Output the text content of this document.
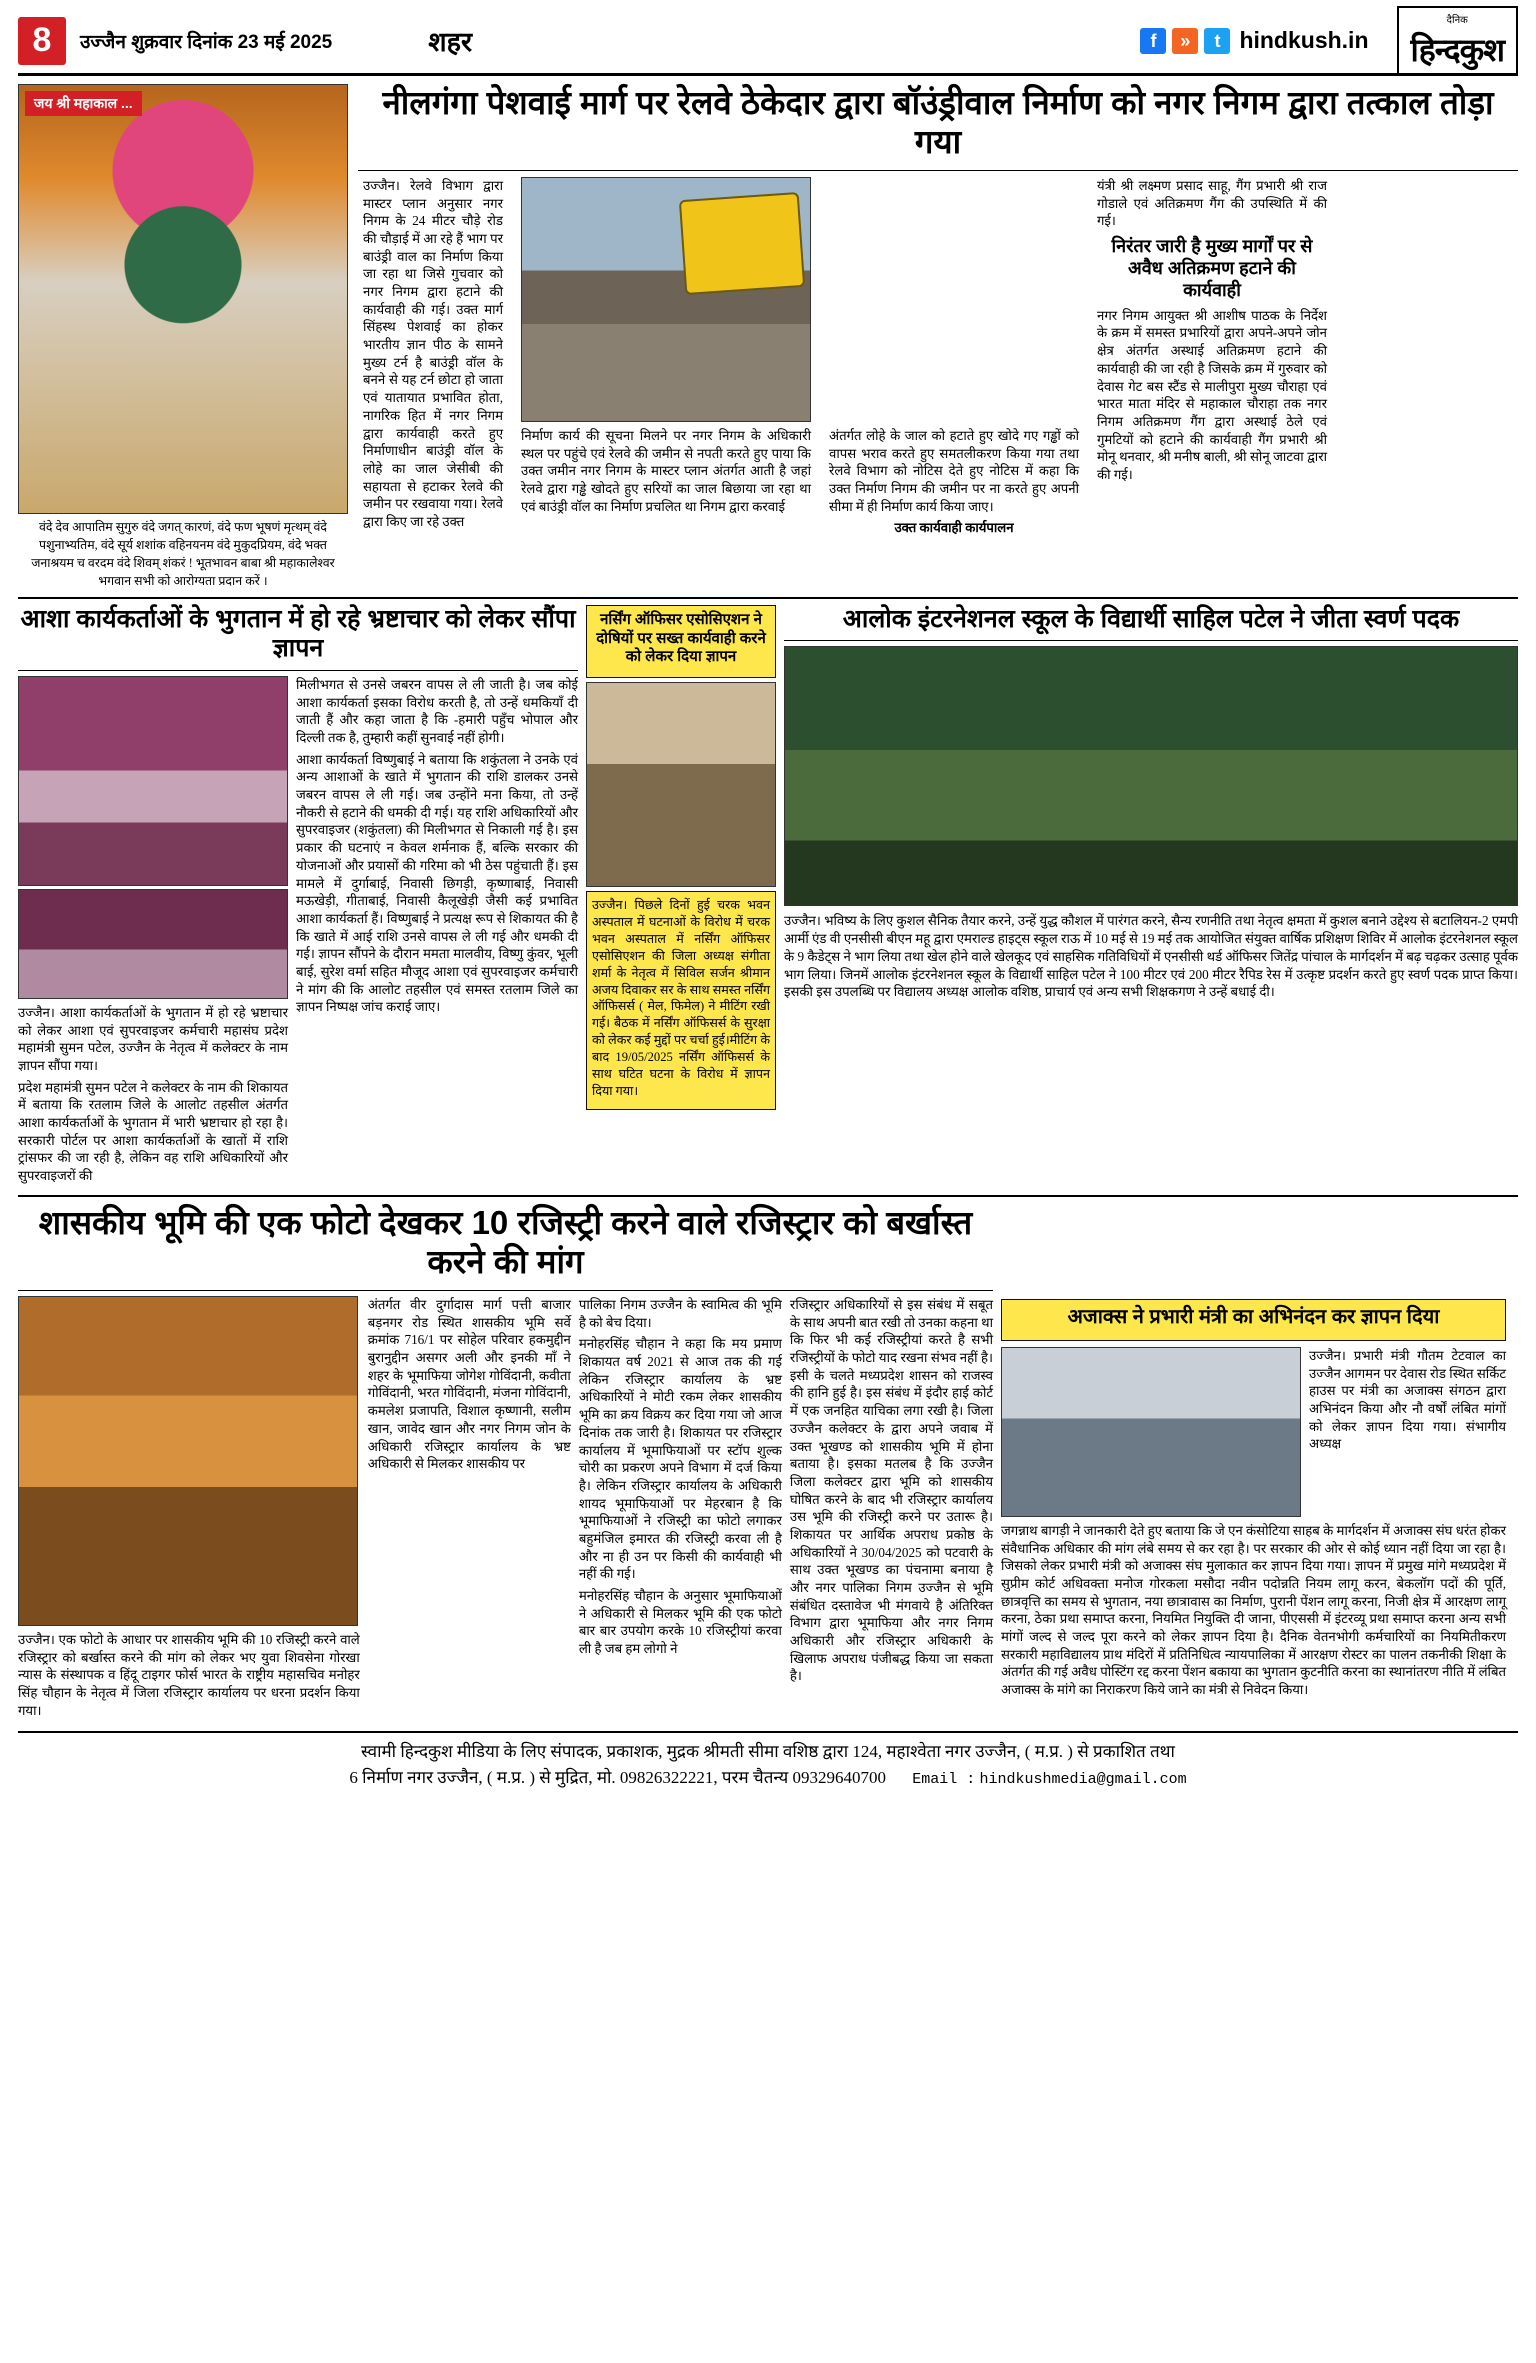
8	उज्जैन शुक्रवार दिनांक 23 मई 2025	शहर	f	»	t hindkush.in
दैनिक
हिन्दकुश
जय श्री महाकाल ...
वंदे देव आपातिम सुगुरु वंदे जगत् कारणं, वंदे फण भूषणं मृत्थम् वंदे पशुनाभ्यतिम, वंदे सूर्य शशांक वहिनयनम वंदे मुकुदप्रियम, वंदे भक्त जनाश्रयम च वरदम वंदे शिवम् शंकरं ! भूतभावन बाबा श्री महाकालेश्वर भगवान सभी को आरोग्यता प्रदान करें ।
नीलगंगा पेशवाई मार्ग पर रेलवे ठेकेदार द्वारा बॉउंड्रीवाल निर्माण को नगर निगम द्वारा तत्काल तोड़ा गया

उज्जैन। रेलवे विभाग द्वारा मास्टर प्लान अनुसार नगर निगम के 24 मीटर चौड़े रोड की चौड़ाई में आ रहे हैं भाग पर बाउंड्री वाल का निर्माण किया जा रहा था जिसे गुचवार को नगर निगम द्वारा हटाने की कार्यवाही की गई। उक्त मार्ग सिंहस्थ पेशवाई का होकर भारतीय ज्ञान पीठ के सामने मुख्य टर्न है बाउंड्री वॉल के बनने से यह टर्न छोटा हो जाता एवं यातायात प्रभावित होता, नागरिक हित में नगर निगम द्वारा कार्यवाही करते हुए निर्माणाधीन बाउंड्री वॉल के लोहे का जाल जेसीबी की सहायता से हटाकर रेलवे की जमीन पर रखवाया गया। रेलवे द्वारा किए जा रहे उक्त

निर्माण कार्य की सूचना मिलने पर नगर निगम के अधिकारी स्थल पर पहुंचे एवं रेलवे की जमीन से नपती करते हुए पाया कि उक्त जमीन नगर निगम के मास्टर प्लान अंतर्गत आती है जहां रेलवे द्वारा गड्ढे खोदते हुए सरियों का जाल बिछाया जा रहा था एवं बाउंड्री वॉल का निर्माण प्रचलित था निगम द्वारा करवाई

अंतर्गत लोहे के जाल को हटाते हुए खोदे गए गड्ढों को वापस भराव करते हुए समतलीकरण किया गया तथा रेलवे विभाग को नोटिस देते हुए नोटिस में कहा कि उक्त निर्माण निगम की जमीन पर ना करते हुए अपनी सीमा में ही निर्माण कार्य किया जाए।

उक्त कार्यवाही कार्यपालन

यंत्री श्री लक्ष्मण प्रसाद साहू, गैंग प्रभारी श्री राज गोडाले एवं अतिक्रमण गैंग की उपस्थिति में की गई।

निरंतर जारी है मुख्य मार्गों पर से अवैध अतिक्रमण हटाने की कार्यवाही

नगर निगम आयुक्त श्री आशीष पाठक के निर्देश के क्रम में समस्त प्रभारियों द्वारा अपने-अपने जोन क्षेत्र अंतर्गत अस्थाई अतिक्रमण हटाने की कार्यवाही की जा रही है जिसके क्रम में गुरुवार को देवास गेट बस स्टैंड से मालीपुरा मुख्य चौराहा एवं भारत माता मंदिर से महाकाल चौराहा तक नगर निगम अतिक्रमण गैंग द्वारा अस्थाई ठेले एवं गुमटियों को हटाने की कार्यवाही गैंग प्रभारी श्री मोनू थनवार, श्री मनीष बाली, श्री सोनू जाटवा द्वारा की गई।

आशा कार्यकर्ताओं के भुगतान में हो रहे भ्रष्टाचार को लेकर सौंपा ज्ञापन

उज्जैन। आशा कार्यकर्ताओं के भुगतान में हो रहे भ्रष्टाचार को लेकर आशा एवं सुपरवाइजर कर्मचारी महासंघ प्रदेश महामंत्री सुमन पटेल, उज्जैन के नेतृत्व में कलेक्टर के नाम ज्ञापन सौंपा गया।

प्रदेश महामंत्री सुमन पटेल ने कलेक्टर के नाम की शिकायत में बताया कि रतलाम जिले के आलोट तहसील अंतर्गत आशा कार्यकर्ताओं के भुगतान में भारी भ्रष्टाचार हो रहा है। सरकारी पोर्टल पर आशा कार्यकर्ताओं के खातों में राशि ट्रांसफर की जा रही है, लेकिन वह राशि अधिकारियों और सुपरवाइजरों की

मिलीभगत से उनसे जबरन वापस ले ली जाती है। जब कोई आशा कार्यकर्ता इसका विरोध करती है, तो उन्हें धमकियाँ दी जाती हैं और कहा जाता है कि -हमारी पहुँच भोपाल और दिल्ली तक है, तुम्हारी कहीं सुनवाई नहीं होगी।

आशा कार्यकर्ता विष्णुबाई ने बताया कि शकुंतला ने उनके एवं अन्य आशाओं के खाते में भुगतान की राशि डालकर उनसे जबरन वापस ले ली गई। जब उन्होंने मना किया, तो उन्हें नौकरी से हटाने की धमकी दी गई। यह राशि अधिकारियों और सुपरवाइजर (शकुंतला) की मिलीभगत से निकाली गई है। इस प्रकार की घटनाएं न केवल शर्मनाक हैं, बल्कि सरकार की योजनाओं और प्रयासों की गरिमा को भी ठेस पहुंचाती हैं। इस मामले में दुर्गाबाई, निवासी छिगड़ी, कृष्णाबाई, निवासी मऊखेड़ी, गीताबाई, निवासी कैलूखेड़ी जैसी कई प्रभावित आशा कार्यकर्ता हैं। विष्णुबाई ने प्रत्यक्ष रूप से शिकायत की है कि खाते में आई राशि उनसे वापस ले ली गई और धमकी दी गई। ज्ञापन सौंपने के दौरान ममता मालवीय, विष्णु कुंवर, भूली बाई, सुरेश वर्मा सहित मौजूद आशा एवं सुपरवाइजर कर्मचारी ने मांग की कि आलोट तहसील एवं समस्त रतलाम जिले का ज्ञापन निष्पक्ष जांच कराई जाए।

नर्सिंग ऑफिसर एसोसिएशन ने दोषियों पर सख्त कार्यवाही करने को लेकर दिया ज्ञापन

उज्जैन। पिछले दिनों हुई चरक भवन अस्पताल में घटनाओं के विरोध में चरक भवन अस्पताल में नर्सिंग ऑफिसर एसोसिएशन की जिला अध्यक्ष संगीता शर्मा के नेतृत्व में सिविल सर्जन श्रीमान अजय दिवाकर सर के साथ समस्त नर्सिंग ऑफिसर्स ( मेल, फिमेल) ने मीटिंग रखी गई। बैठक में नर्सिंग ऑफिसर्स के सुरक्षा को लेकर कई मुद्दों पर चर्चा हुई।मीटिंग के बाद 19/05/2025 नर्सिंग ऑफिसर्स के साथ घटित घटना के विरोध में ज्ञापन दिया गया।

आलोक इंटरनेशनल स्कूल के विद्यार्थी साहिल पटेल ने जीता स्वर्ण पदक

उज्जैन। भविष्य के लिए कुशल सैनिक तैयार करने, उन्हें युद्ध कौशल में पारंगत करने, सैन्य रणनीति तथा नेतृत्व क्षमता में कुशल बनाने उद्देश्य से बटालियन-2 एमपी आर्मी एंड वी एनसीसी बीएन महू द्वारा एमराल्ड हाइट्स स्कूल राऊ में 10 मई से 19 मई तक आयोजित संयुक्त वार्षिक प्रशिक्षण शिविर में आलोक इंटरनेशनल स्कूल के 9 कैडेट्स ने भाग लिया तथा खेल होने वाले खेलकूद एवं साहसिक गतिविधियों में एनसीसी थर्ड ऑफिसर जितेंद्र पांचाल के मार्गदर्शन में बढ़ चढ़कर उत्साह पूर्वक भाग लिया। जिनमें आलोक इंटरनेशनल स्कूल के विद्यार्थी साहिल पटेल ने 100 मीटर एवं 200 मीटर रैपिड रेस में उत्कृष्ट प्रदर्शन करते हुए स्वर्ण पदक प्राप्त किया। इसकी इस उपलब्धि पर विद्यालय अध्यक्ष आलोक वशिष्ठ, प्राचार्य एवं अन्य सभी शिक्षकगण ने उन्हें बधाई दी।

शासकीय भूमि की एक फोटो देखकर 10 रजिस्ट्री करने वाले रजिस्ट्रार को बर्खास्त करने की मांग

उज्जैन। एक फोटो के आधार पर शासकीय भूमि की 10 रजिस्ट्री करने वाले रजिस्ट्रार को बर्खास्त करने की मांग को लेकर भए युवा शिवसेना गोरखा न्यास के संस्थापक व हिंदू टाइगर फोर्स भारत के राष्ट्रीय महासचिव मनोहर सिंह चौहान के नेतृत्व में जिला रजिस्ट्रार कार्यालय पर धरना प्रदर्शन किया गया।

अंतर्गत वीर दुर्गादास मार्ग पत्ती बाजार बड़नगर रोड स्थित शासकीय भूमि सर्वे क्रमांक 716/1 पर सोहेल परिवार हकमुद्दीन बुरानुद्दीन असगर अली और इनकी माँ ने शहर के भूमाफिया जोगेश गोविंदानी, कवीता गोविंदानी, भरत गोविंदानी, मंजना गोविंदानी, कमलेश प्रजापति, विशाल कृष्णानी, सलीम खान, जावेद खान और नगर निगम जोन के अधिकारी रजिस्ट्रार कार्यालय के भ्रष्ट अधिकारी से मिलकर शासकीय पर

पालिका निगम उज्जैन के स्वामित्व की भूमि है को बेच दिया।

मनोहरसिंह चौहान ने कहा कि मय प्रमाण शिकायत वर्ष 2021 से आज तक की गई लेकिन रजिस्ट्रार कार्यालय के भ्रष्ट अधिकारियों ने मोटी रकम लेकर शासकीय भूमि का क्रय विक्रय कर दिया गया जो आज दिनांक तक जारी है। शिकायत पर रजिस्ट्रार कार्यालय में भूमाफियाओं पर स्टॉप शुल्क चोरी का प्रकरण अपने विभाग में दर्ज किया है। लेकिन रजिस्ट्रार कार्यालय के अधिकारी शायद भूमाफियाओं पर मेहरबान है कि भूमाफियाओं ने रजिस्ट्री का फोटो लगाकर बहुमंजिल इमारत की रजिस्ट्री करवा ली है और ना ही उन पर किसी की कार्यवाही भी नहीं की गई।

मनोहरसिंह चौहान के अनुसार भूमाफियाओं ने अधिकारी से मिलकर भूमि की एक फोटो बार बार उपयोग करके 10 रजिस्ट्रीयां करवा ली है जब हम लोगो ने

रजिस्ट्रार अधिकारियों से इस संबंध में सबूत के साथ अपनी बात रखी तो उनका कहना था कि फिर भी कई रजिस्ट्रीयां करते है सभी रजिस्ट्रीयों के फोटो याद रखना संभव नहीं है। इसी के चलते मध्यप्रदेश शासन को राजस्व की हानि हुई है। इस संबंध में इंदौर हाई कोर्ट में एक जनहित याचिका लगा रखी है। जिला उज्जैन कलेक्टर के द्वारा अपने जवाब में उक्त भूखण्ड को शासकीय भूमि में होना बताया है। इसका मतलब है कि उज्जैन जिला कलेक्टर द्वारा भूमि को शासकीय घोषित करने के बाद भी रजिस्ट्रार कार्यालय उस भूमि की रजिस्ट्री करने पर उतारू है। शिकायत पर आर्थिक अपराध प्रकोष्ठ के अधिकारियों ने 30/04/2025 को पटवारी के साथ उक्त भूखण्ड का पंचनामा बनाया है और नगर पालिका निगम उज्जैन से भूमि संबंधित दस्तावेज भी मंगवाये है अंतिरिक्त विभाग द्वारा भूमाफिया और नगर निगम अधिकारी और रजिस्ट्रार अधिकारी के खिलाफ अपराध पंजीबद्ध किया जा सकता है।

अजाक्स ने प्रभारी मंत्री का अभिनंदन कर ज्ञापन दिया

उज्जैन। प्रभारी मंत्री गौतम टेटवाल का उज्जैन आगमन पर देवास रोड स्थित सर्किट हाउस पर मंत्री का अजाक्स संगठन द्वारा अभिनंदन किया और नौ वर्षों लंबित मांगों को लेकर ज्ञापन दिया गया। संभागीय अध्यक्ष

जगन्नाथ बागड़ी ने जानकारी देते हुए बताया कि जे एन कंसोटिया साहब के मार्गदर्शन में अजाक्स संघ धरंत होकर संवैधानिक अधिकार की मांग लंबे समय से कर रहा है। पर सरकार की ओर से कोई ध्यान नहीं दिया जा रहा है। जिसको लेकर प्रभारी मंत्री को अजाक्स संघ मुलाकात कर ज्ञापन दिया गया। ज्ञापन में प्रमुख मांगे मध्यप्रदेश में सुप्रीम कोर्ट अधिवक्ता मनोज गोरकला मसौदा नवीन पदोन्नति नियम लागू करन, बेकलॉग पदों की पूर्ति, छात्रवृत्ति का समय से भुगतान, नया छात्रावास का निर्माण, पुरानी पेंशन लागू करना, निजी क्षेत्र में आरक्षण लागू करना, ठेका प्रथा समाप्त करना, नियमित नियुक्ति दी जाना, पीएससी में इंटरव्यू प्रथा समाप्त करना अन्य सभी मांगों जल्द से जल्द पूरा करने को लेकर ज्ञापन दिया है। दैनिक वेतनभोगी कर्मचारियों का नियमितीकरण सरकारी महाविद्यालय प्राथ मंदिरों में प्रतिनिधित्व न्यायपालिका में आरक्षण रोस्टर का पालन तकनीकी शिक्षा के अंतर्गत की गई अवैध पोस्टिंग रद्द करना पेंशन बकाया का भुगतान कुटनीति करना का स्थानांतरण नीति में लंबित अजाक्स के मांगे का निराकरण किये जाने का मंत्री से निवेदन किया।

स्वामी हिन्दकुश मीडिया के लिए संपादक, प्रकाशक, मुद्रक श्रीमती सीमा वशिष्ठ द्वारा 124, महाश्वेता नगर उज्जैन, ( म.प्र. ) से प्रकाशित तथा
6 निर्माण नगर उज्जैन, ( म.प्र. ) से मुद्रित, मो. 09826322221, परम चैतन्य 09329640700 Email : hindkushmedia@gmail.com
